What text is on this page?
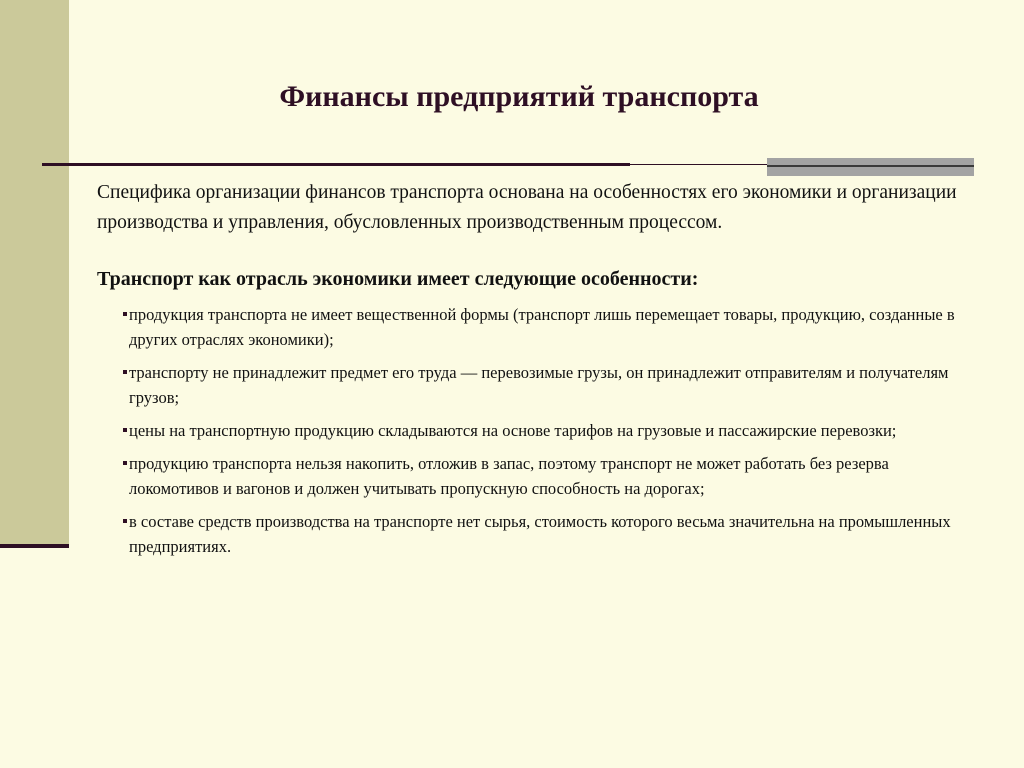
Финансы предприятий транспорта

Специфика организации финансов транспорта основана на особенностях его экономики и организации производства и управления, обусловленных производственным процессом.

Транспорт как отрасль экономики имеет следующие особенности:

продукция транспорта не имеет вещественной формы (транспорт лишь перемещает товары, продукцию, созданные в других отраслях экономики);
транспорту не принадлежит предмет его труда — перевозимые грузы, он принадлежит отправителям и получателям грузов;
цены на транспортную продукцию складываются на основе тарифов на грузовые и пассажирские перевозки;
продукцию транспорта нельзя накопить, отложив в запас, поэтому транспорт не может работать без резерва локомотивов и вагонов и должен учитывать пропускную способность на дорогах;
в составе средств производства на транспорте нет сырья, стоимость которого весьма значительна на промышленных предприятиях.
